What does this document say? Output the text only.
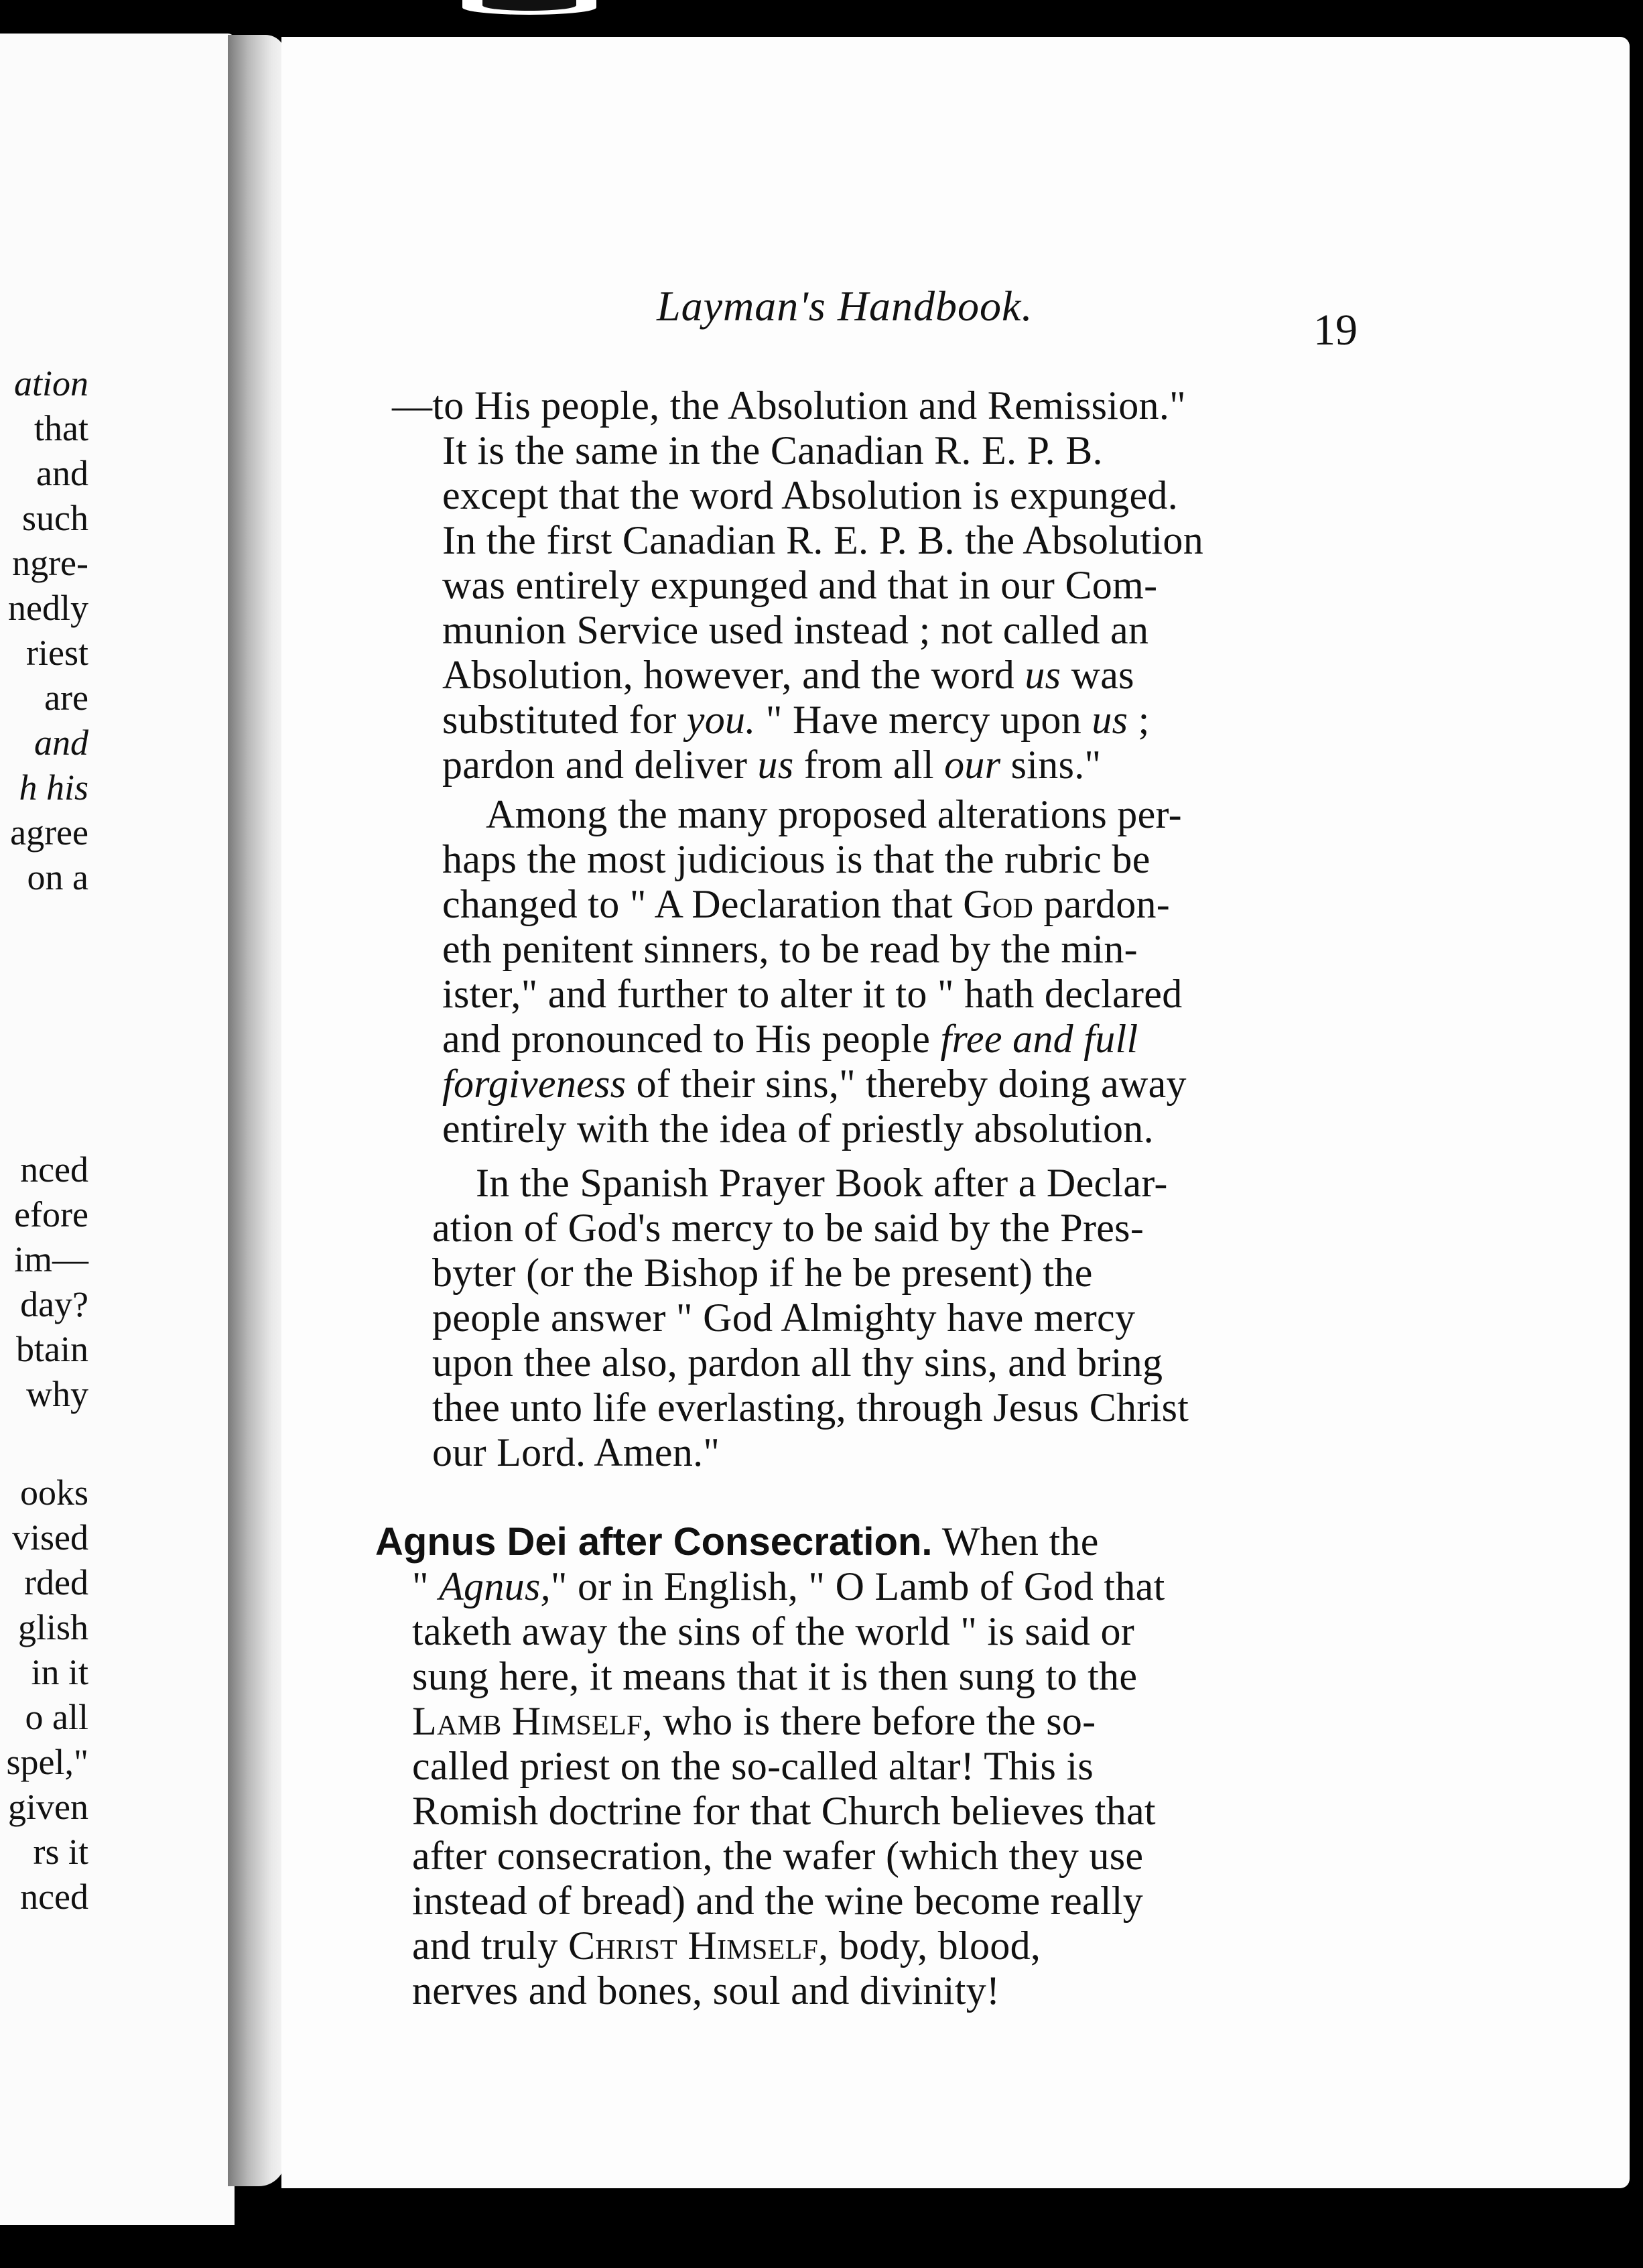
ation
that
and
such
ngre-
nedly
riest
are
and
h his
agree
on a
nced
efore
im—
day?
btain
why
ooks
vised
rded
glish
in it
o all
spel,"
given
rs it
nced
Layman's Handbook.	19
—to His people, the Absolution and Remission."
It is the same in the Canadian R. E. P. B.
except that the word Absolution is expunged.
In the first Canadian R. E. P. B. the Absolution
was entirely expunged and that in our Com-
munion Service used instead ; not called an
Absolution, however, and the word us was
substituted for you. " Have mercy upon us ;
pardon and deliver us from all our sins."
Among the many proposed alterations per-
haps the most judicious is that the rubric be
changed to " A Declaration that God pardon-
eth penitent sinners, to be read by the min-
ister," and further to alter it to " hath declared
and pronounced to His people free and full
forgiveness of their sins," thereby doing away
entirely with the idea of priestly absolution.
In the Spanish Prayer Book after a Declar-
ation of God's mercy to be said by the Pres-
byter (or the Bishop if he be present) the
people answer " God Almighty have mercy
upon thee also, pardon all thy sins, and bring
thee unto life everlasting, through Jesus Christ
our Lord. Amen."
Agnus Dei after Consecration. When the
" Agnus," or in English, " O Lamb of God that
taketh away the sins of the world " is said or
sung here, it means that it is then sung to the
Lamb Himself, who is there before the so-
called priest on the so-called altar! This is
Romish doctrine for that Church believes that
after consecration, the wafer (which they use
instead of bread) and the wine become really
and truly Christ Himself, body, blood,
nerves and bones, soul and divinity!
